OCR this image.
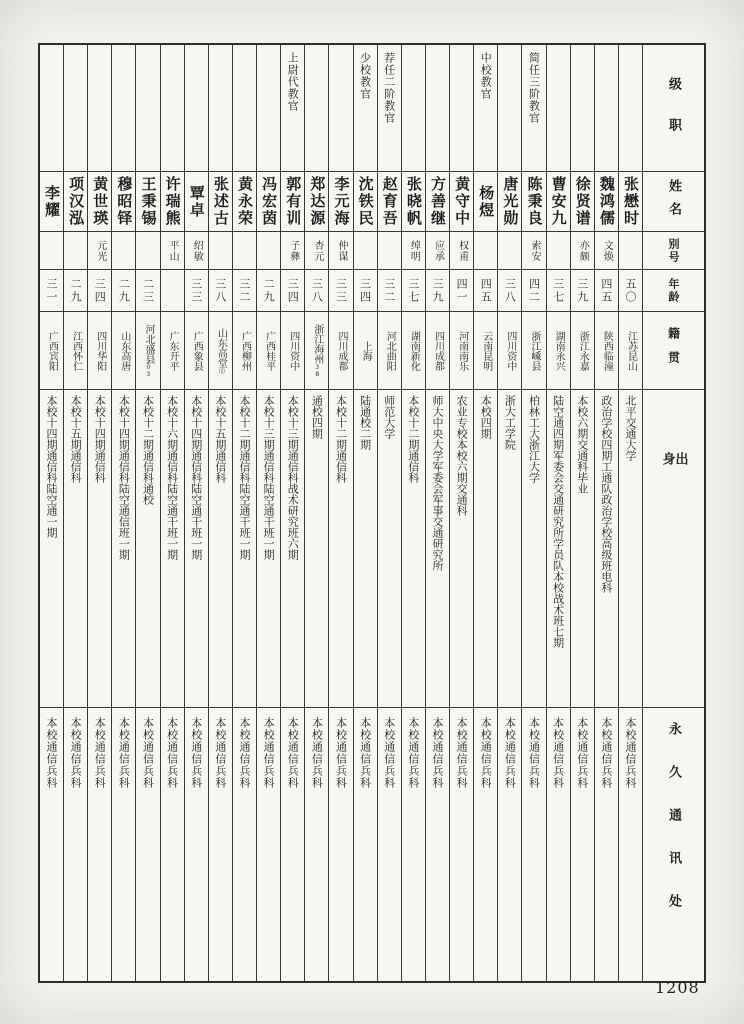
级职
姓名
别号
年龄
籍贯
出身
永久通讯处
张懋时
五〇
江苏昆山
北平交通大学
本校通信兵科
魏鸿儒
文焕
四五
陕西临潼
政治学校四期工通队政治学校高级班电科
本校通信兵科
徐贤谱
亦颇
三九
浙江永嘉
本校六期交通科毕业
本校通信兵科
曹安九
三七
湖南永兴
陆空通四期军委会交通研究所学员队本校战术班七期
本校通信兵科
简任三阶教官
陈秉良
索安
四二
浙江嵊县
柏林工大浙江大学
本校通信兵科
唐光勋
三八
四川资中
浙大工学院
本校通信兵科
中校教官
杨煜
四五
云南昆明
本校四期
本校通信兵科
黄守中
权甫
四一
河南南乐
农业专校本校六期交通科
本校通信兵科
方善继
应承
三九
四川成都
师大中央大学军委会军事交通研究所
本校通信兵科
张晓帆
绰明
三七
湖南新化
本校十二期通信科
本校通信兵科
荐任二阶教官
赵育吾
三二
河北曲阳
师范大学
本校通信兵科
少校教官
沈铁民
三四
上海
陆通校二期
本校通信兵科
李元海
仲谋
三三
四川成都
本校十二期通信科
本校通信兵科
郑达源
杏元
三八
浙江海州38
通校四期
本校通信兵科
上尉代教官
郭有训
子彝
三四
四川资中
本校十三期通信科战术研究班六期
本校通信兵科
冯宏茵
二九
广西桂平
本校十三期通信科陆空通干班一期
本校通信兵科
黄永荣
三二
广西柳州
本校十二期通信科陆空通干班一期
本校通信兵科
张述古
三八
山东高堂⑾
本校十五期通信科
本校通信兵科
覃卓
绍敏
三三
广西象县
本校十四期通信科陆空通干班一期
本校通信兵科
许瑞熊
平山
广东开平
本校十六期通信科陆空通干班一期
本校通信兵科
王秉锡
二三
河北盛县03
本校十二期通信科通校
本校通信兵科
穆昭铎
二九
山东高唐
本校十四期通信科陆空通信班一期
本校通信兵科
黄世瑛
元光
三四
四川华阳
本校十四期通信科
本校通信兵科
项汉泓
二九
江西怀仁
本校十五期通信科
本校通信兵科
李耀
三一
广西宾阳
本校十四期通信科陆空通一期
本校通信兵科
1208
